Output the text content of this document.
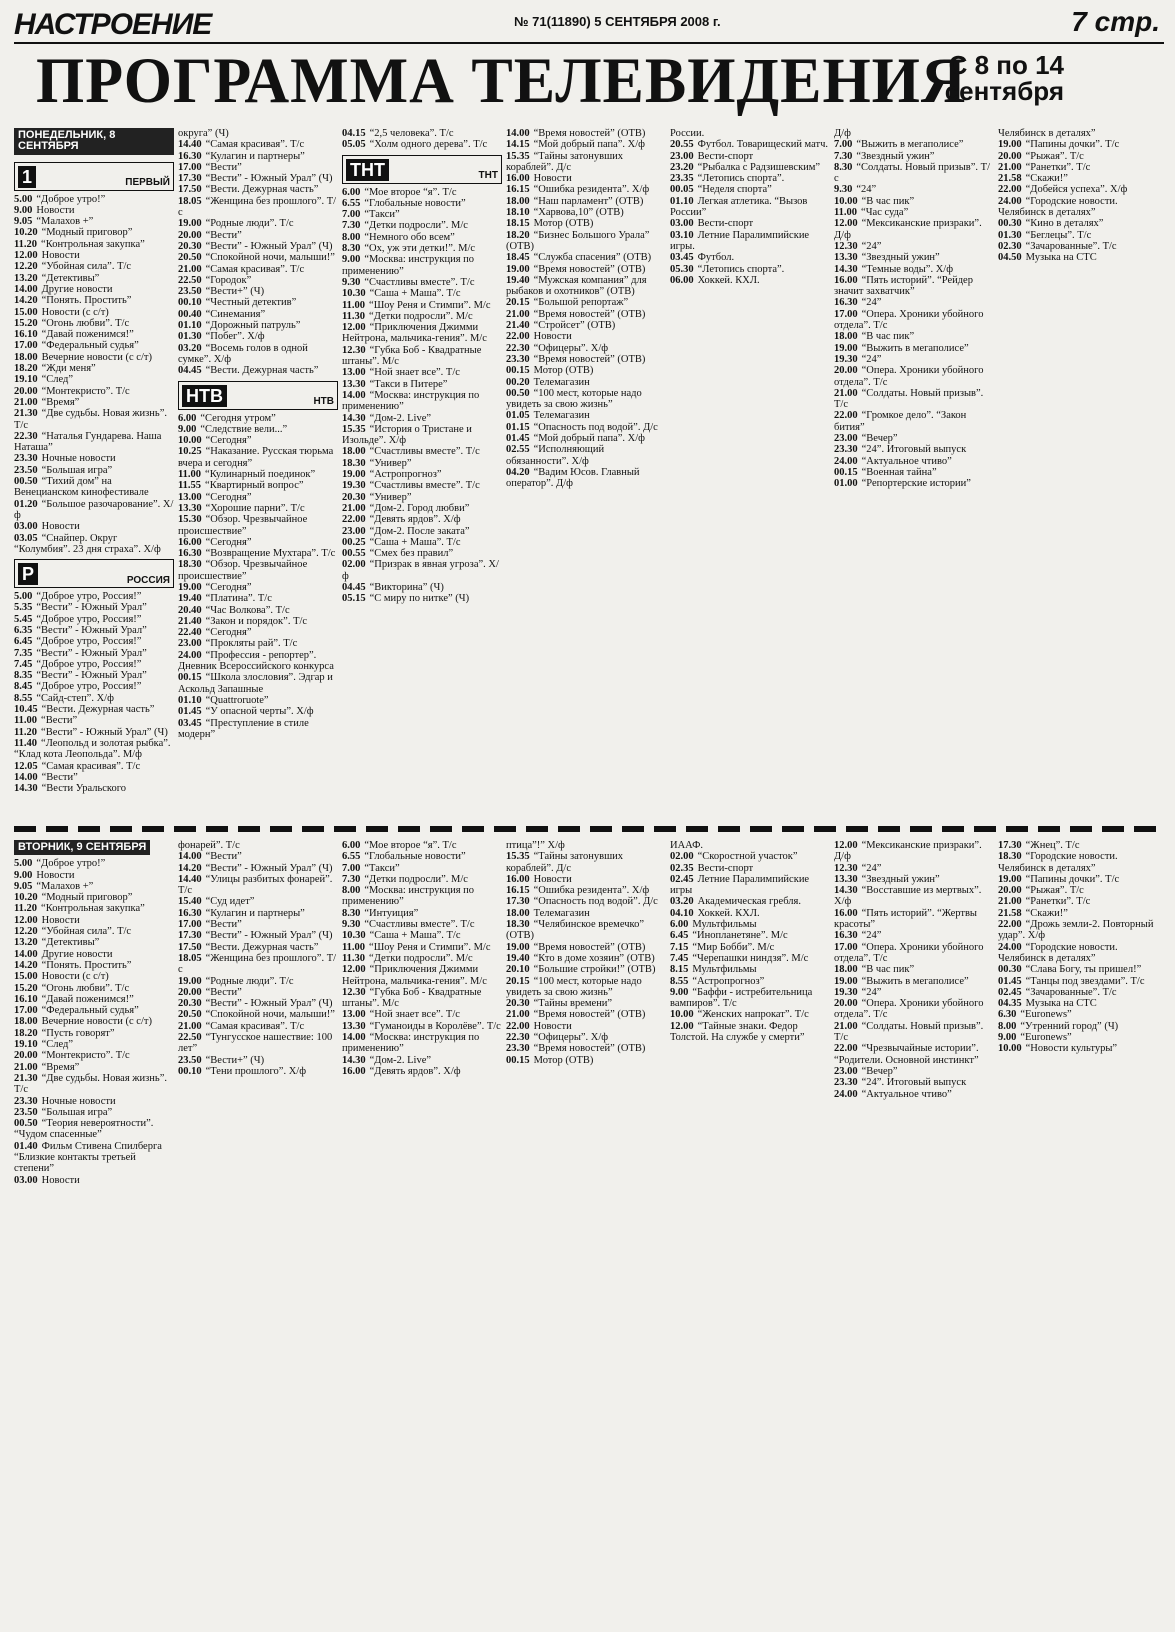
НАСТРОЕНИЕ	№ 71(11890) 5 СЕНТЯБРЯ 2008 г.	7 стр.
ПРОГРАММА ТЕЛЕВИДЕНИЯ
С 8 по 14
сентября
ПОНЕДЕЛЬНИК, 8 СЕНТЯБРЯ
1	ПЕРВЫЙ
5.00 “Доброе утро!”
9.00 Новости
9.05 “Малахов +”
10.20 “Модный приговор”
11.20 “Контрольная закупка”
12.00 Новости
12.20 “Убойная сила”. Т/с
13.20 “Детективы”
14.00 Другие новости
14.20 “Понять. Простить”
15.00 Новости (с с/т)
15.20 “Огонь любви”. Т/с
16.10 “Давай поженимся!”
17.00 “Федеральный судья”
18.00 Вечерние новости (с с/т)
18.20 “Жди меня”
19.10 “След”
20.00 “Монтекристо”. Т/с
21.00 “Время”
21.30 “Две судьбы. Новая жизнь”. Т/с
22.30 “Наталья Гундарева. Наша Наташа”
23.30 Ночные новости
23.50 “Большая игра”
00.50 “Тихий дом” на Венецианском кинофестивале
01.20 “Большое разочарование”. Х/ф
03.00 Новости
03.05 “Снайпер. Округ “Колумбия”. 23 дня страха”. Х/ф
Р	РОССИЯ
5.00 “Доброе утро, Россия!”
5.35 “Вести” - Южный Урал”
5.45 “Доброе утро, Россия!”
6.35 “Вести” - Южный Урал”
6.45 “Доброе утро, Россия!”
7.35 “Вести” - Южный Урал”
7.45 “Доброе утро, Россия!”
8.35 “Вести” - Южный Урал”
8.45 “Доброе утро, Россия!”
8.55 “Сайд-степ”. Х/ф
10.45 “Вести. Дежурная часть”
11.00 “Вести”
11.20 “Вести” - Южный Урал” (Ч)
11.40 “Леопольд и золотая рыбка”. “Клад кота Леопольда”. М/ф
12.05 “Самая красивая”. Т/с
14.00 “Вести”
14.30 “Вести Уральского
округа” (Ч)
14.40 “Самая красивая”. Т/с
16.30 “Кулагин и партнеры”
17.00 “Вести”
17.30 “Вести” - Южный Урал” (Ч)
17.50 “Вести. Дежурная часть”
18.05 “Женщина без прошлого”. Т/с
19.00 “Родные люди”. Т/с
20.00 “Вести”
20.30 “Вести” - Южный Урал” (Ч)
20.50 “Спокойной ночи, малыши!”
21.00 “Самая красивая”. Т/с
22.50 “Городок”
23.50 “Вести+” (Ч)
00.10 “Честный детектив”
00.40 “Синемания”
01.10 “Дорожный патруль”
01.30 “Побег”. Х/ф
03.20 “Восемь голов в одной сумке”. Х/ф
04.45 “Вести. Дежурная часть”
НТВ	НТВ
6.00 “Сегодня утром”
9.00 “Следствие вели...”
10.00 “Сегодня”
10.25 “Наказание. Русская тюрьма вчера и сегодня”
11.00 “Кулинарный поединок”
11.55 “Квартирный вопрос”
13.00 “Сегодня”
13.30 “Хорошие парни”. Т/с
15.30 “Обзор. Чрезвычайное происшествие”
16.00 “Сегодня”
16.30 “Возвращение Мухтара”. Т/с
18.30 “Обзор. Чрезвычайное происшествие”
19.00 “Сегодня”
19.40 “Платина”. Т/с
20.40 “Час Волкова”. Т/с
21.40 “Закон и порядок”. Т/с
22.40 “Сегодня”
23.00 “Прокляты рай”. Т/с
24.00 “Профессия - репортер”. Дневник Всероссийского конкурса
00.15 “Школа злословия”. Эдгар и Аскольд Запашные
01.10 “Quattroruote”
01.45 “У опасной черты”. Х/ф
03.45 “Преступление в стиле модерн”
04.15 “2,5 человека”. Т/с
05.05 “Холм одного дерева”. Т/с
ТНТ	ТНТ
6.00 “Мое второе “я”. Т/с
6.55 “Глобальные новости”
7.00 “Такси”
7.30 “Детки подросли”. М/с
8.00 “Немного обо всем”
8.30 “Ох, уж эти детки!”. М/с
9.00 “Москва: инструкция по применению”
9.30 “Счастливы вместе”. Т/с
10.30 “Саша + Маша”. Т/с
11.00 “Шоу Реня и Стимпи”. М/с
11.30 “Детки подросли”. М/с
12.00 “Приключения Джимми Нейтрона, мальчика-гения”. М/с
12.30 “Губка Боб - Квадратные штаны”. М/с
13.00 “Ной знает все”. Т/с
13.30 “Такси в Питере”
14.00 “Москва: инструкция по применению”
14.30 “Дом-2. Live”
15.35 “История о Тристане и Изольде”. Х/ф
18.00 “Счастливы вместе”. Т/с
18.30 “Универ”
19.00 “Астропрогноз”
19.30 “Счастливы вместе”. Т/с
20.30 “Универ”
21.00 “Дом-2. Город любви”
22.00 “Девять ярдов”. Х/ф
23.00 “Дом-2. После заката”
00.25 “Саша + Маша”. Т/с
00.55 “Смех без правил”
02.00 “Призрак в явная угроза”. Х/ф
04.45 “Викторина” (Ч)
05.15 “С миру по нитке” (Ч)
14.00 “Время новостей” (ОТВ)
14.15 “Мой добрый папа”. Х/ф
15.35 “Тайны затонувших кораблей”. Д/с
16.00 Новости
16.15 “Ошибка резидента”. Х/ф
18.00 “Наш парламент” (ОТВ)
18.10 “Харвова,10” (ОТВ)
18.15 Мотор (ОТВ)
18.20 “Бизнес Большого Урала” (ОТВ)
18.45 “Служба спасения” (ОТВ)
19.00 “Время новостей” (ОТВ)
19.40 “Мужская компания” для рыбаков и охотников” (ОТВ)
20.15 “Большой репортаж”
21.00 “Время новостей” (ОТВ)
21.40 “Стройсет” (ОТВ)
22.00 Новости
22.30 “Офицеры”. Х/ф
23.30 “Время новостей” (ОТВ)
00.15 Мотор (ОТВ)
00.20 Телемагазин
00.50 “100 мест, которые надо увидеть за свою жизнь”
01.05 Телемагазин
01.15 “Опасность под водой”. Д/с
01.45 “Мой добрый папа”. Х/ф
02.55 “Исполняющий обязанности”. Х/ф
04.20 “Вадим Юсов. Главный оператор”. Д/ф
России.
20.55 Футбол. Товарищеский матч.
23.00 Вести-спорт
23.20 “Рыбалка с Радзишевским”
23.35 “Летопись спорта”.
00.05 “Неделя спорта”
01.10 Легкая атлетика. “Вызов России”
03.00 Вести-спорт
03.10 Летние Паралимпийские игры.
03.45 Футбол.
05.30 “Летопись спорта”.
06.00 Хоккей. КХЛ.
Д/ф
7.00 “Выжить в мегаполисе”
7.30 “Звездный ужин”
8.30 “Солдаты. Новый призыв”. Т/с
9.30 “24”
10.00 “В час пик”
11.00 “Час суда”
12.00 “Мексиканские призраки”. Д/ф
12.30 “24”
13.30 “Звездный ужин”
14.30 “Темные воды”. Х/ф
16.00 “Пять историй”. “Рейдер значит захватчик”
16.30 “24”
17.00 “Опера. Хроники убойного отдела”. Т/с
18.00 “В час пик”
19.00 “Выжить в мегаполисе”
19.30 “24”
20.00 “Опера. Хроники убойного отдела”. Т/с
21.00 “Солдаты. Новый призыв”. Т/с
22.00 “Громкое дело”. “Закон бития”
23.00 “Вечер”
23.30 “24”. Итоговый выпуск
24.00 “Актуальное чтиво”
00.15 “Военная тайна”
01.00 “Репортерские истории”
Челябинск в деталях”
19.00 “Папины дочки”. Т/с
20.00 “Рыжая”. Т/с
21.00 “Ранетки”. Т/с
21.58 “Скажи!”
22.00 “Добейся успеха”. Х/ф
24.00 “Городские новости. Челябинск в деталях”
00.30 “Кино в деталях”
01.30 “Беглецы”. Т/с
02.30 “Зачарованные”. Т/с
04.50 Музыка на СТС
ВТОРНИК, 9 СЕНТЯБРЯ
5.00 “Доброе утро!”
9.00 Новости
9.05 “Малахов +”
10.20 “Модный приговор”
11.20 “Контрольная закупка”
12.00 Новости
12.20 “Убойная сила”. Т/с
13.20 “Детективы”
14.00 Другие новости
14.20 “Понять. Простить”
15.00 Новости (с с/т)
15.20 “Огонь любви”. Т/с
16.10 “Давай поженимся!”
17.00 “Федеральный судья”
18.00 Вечерние новости (с с/т)
18.20 “Пусть говорят”
19.10 “След”
20.00 “Монтекристо”. Т/с
21.00 “Время”
21.30 “Две судьбы. Новая жизнь”. Т/с
23.30 Ночные новости
23.50 “Большая игра”
00.50 “Теория невероятности”. “Чудом спасенные”
01.40 Фильм Стивена Спилберга “Близкие контакты третьей степени”
03.00 Новости
фонарей”. Т/с
14.00 “Вести”
14.20 “Вести” - Южный Урал” (Ч)
14.40 “Улицы разбитых фонарей”. Т/с
15.40 “Суд идет”
16.30 “Кулагин и партнеры”
17.00 “Вести”
17.30 “Вести” - Южный Урал” (Ч)
17.50 “Вести. Дежурная часть”
18.05 “Женщина без прошлого”. Т/с
19.00 “Родные люди”. Т/с
20.00 “Вести”
20.30 “Вести” - Южный Урал” (Ч)
20.50 “Спокойной ночи, малыши!”
21.00 “Самая красивая”. Т/с
22.50 “Тунгусское нашествие: 100 лет”
23.50 “Вести+” (Ч)
00.10 “Тени прошлого”. Х/ф
6.00 “Мое второе “я”. Т/с
6.55 “Глобальные новости”
7.00 “Такси”
7.30 “Детки подросли”. М/с
8.00 “Москва: инструкция по применению”
8.30 “Интуиция”
9.30 “Счастливы вместе”. Т/с
10.30 “Саша + Маша”. Т/с
11.00 “Шоу Реня и Стимпи”. М/с
11.30 “Детки подросли”. М/с
12.00 “Приключения Джимми Нейтрона, мальчика-гения”. М/с
12.30 “Губка Боб - Квадратные штаны”. М/с
13.00 “Ной знает все”. Т/с
13.30 “Гуманоиды в Королёве”. Т/с
14.00 “Москва: инструкция по применению”
14.30 “Дом-2. Live”
16.00 “Девять ярдов”. Х/ф
птица”!” Х/ф
15.35 “Тайны затонувших кораблей”. Д/с
16.00 Новости
16.15 “Ошибка резидента”. Х/ф
17.30 “Опасность под водой”. Д/с
18.00 Телемагазин
18.30 “Челябинское времечко” (ОТВ)
19.00 “Время новостей” (ОТВ)
19.40 “Кто в доме хозяин” (ОТВ)
20.10 “Большие стройки!” (ОТВ)
20.15 “100 мест, которые надо увидеть за свою жизнь”
20.30 “Тайны времени”
21.00 “Время новостей” (ОТВ)
22.00 Новости
22.30 “Офицеры”. Х/ф
23.30 “Время новостей” (ОТВ)
00.15 Мотор (ОТВ)
ИААФ.
02.00 “Скоростной участок”
02.35 Вести-спорт
02.45 Летние Паралимпийские игры
03.20 Академическая гребля.
04.10 Хоккей. КХЛ.
6.00 Мультфильмы
6.45 “Инопланетяне”. М/с
7.15 “Мир Бобби”. М/с
7.45 “Черепашки ниндзя”. М/с
8.15 Мультфильмы
8.55 “Астропрогноз”
9.00 “Баффи - истребительница вампиров”. Т/с
10.00 “Женских напрокат”. Т/с
12.00 “Тайные знаки. Федор Толстой. На службе у смерти”
12.00 “Мексиканские призраки”. Д/ф
12.30 “24”
13.30 “Звездный ужин”
14.30 “Восставшие из мертвых”. Х/ф
16.00 “Пять историй”. “Жертвы красоты”
16.30 “24”
17.00 “Опера. Хроники убойного отдела”. Т/с
18.00 “В час пик”
19.00 “Выжить в мегаполисе”
19.30 “24”
20.00 “Опера. Хроники убойного отдела”. Т/с
21.00 “Солдаты. Новый призыв”. Т/с
22.00 “Чрезвычайные истории”. “Родители. Основной инстинкт”
23.00 “Вечер”
23.30 “24”. Итоговый выпуск
24.00 “Актуальное чтиво”
17.30 “Жнец”. Т/с
18.30 “Городские новости. Челябинск в деталях”
19.00 “Папины дочки”. Т/с
20.00 “Рыжая”. Т/с
21.00 “Ранетки”. Т/с
21.58 “Скажи!”
22.00 “Дрожь земли-2. Повторный удар”. Х/ф
24.00 “Городские новости. Челябинск в деталях”
00.30 “Слава Богу, ты пришел!”
01.45 “Танцы под звездами”. Т/с
02.45 “Зачарованные”. Т/с
04.35 Музыка на СТС
6.30 “Euronews”
8.00 “Утренний город” (Ч)
9.00 “Euronews”
10.00 “Новости культуры”
